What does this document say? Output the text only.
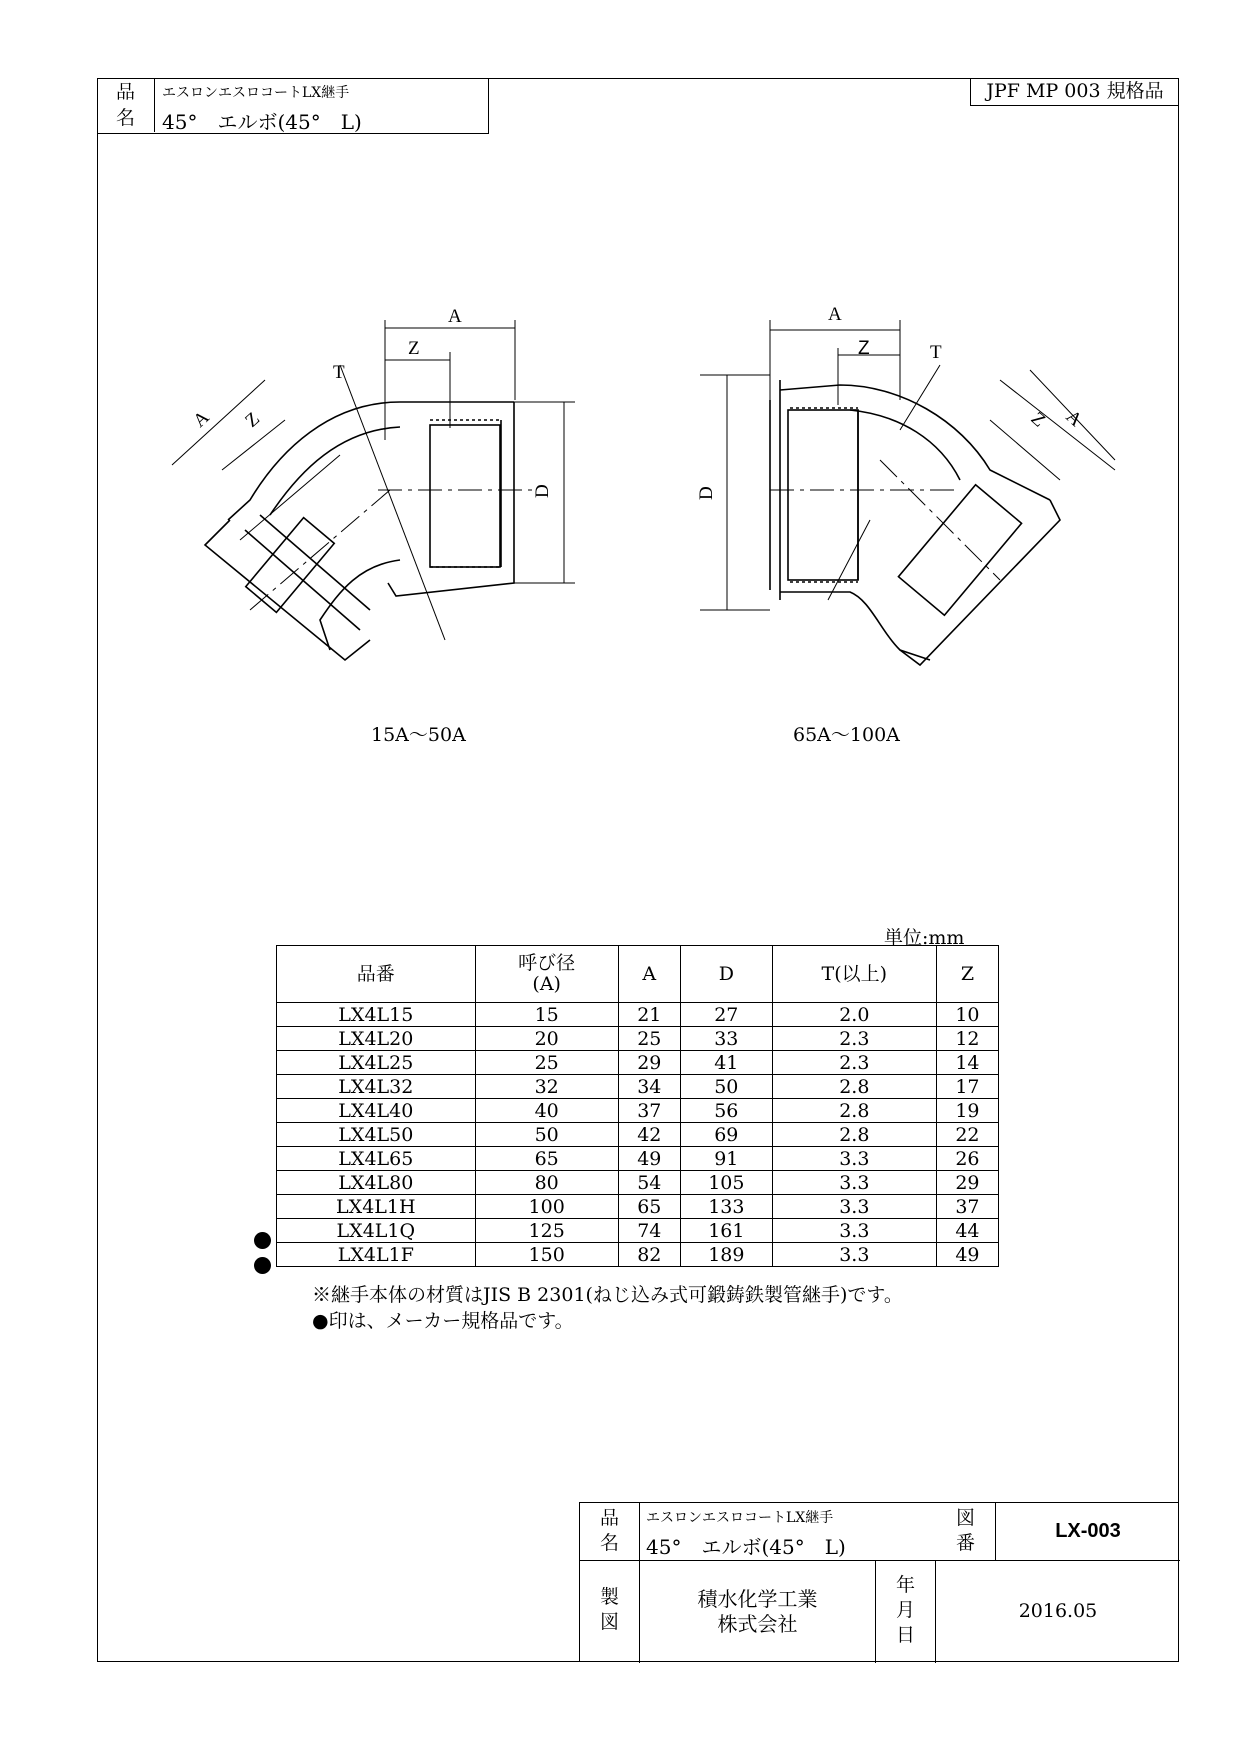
品
名
エスロンエスロコートLX継手
45°　エルボ(45°　L)
JPF MP 003 規格品
A
Z
T
D
A Z
A
Z	T
D
Z A
15A～50A	65A～100A
単位:mm
品番	呼び径
(A)	A	D	T(以上)	Z
LX4L15	15	21	27	2.0	10
LX4L20	20	25	33	2.3	12
LX4L25	25	29	41	2.3	14
LX4L32	32	34	50	2.8	17
LX4L40	40	37	56	2.8	19
LX4L50	50	42	69	2.8	22
LX4L65	65	49	91	3.3	26
LX4L80	80	54	105	3.3	29
LX4L1H	100	65	133	3.3	37
LX4L1Q	125	74	161	3.3	44
LX4L1F	150	82	189	3.3	49
※継手本体の材質はJIS B 2301(ねじ込み式可鍛鋳鉄製管継手)です。
●印は、メーカー規格品です。
品
名
エスロンエスロコートLX継手
45°　エルボ(45°　L)
図
番
LX-003
製
図
積水化学工業
株式会社
年
月
日
2016.05
